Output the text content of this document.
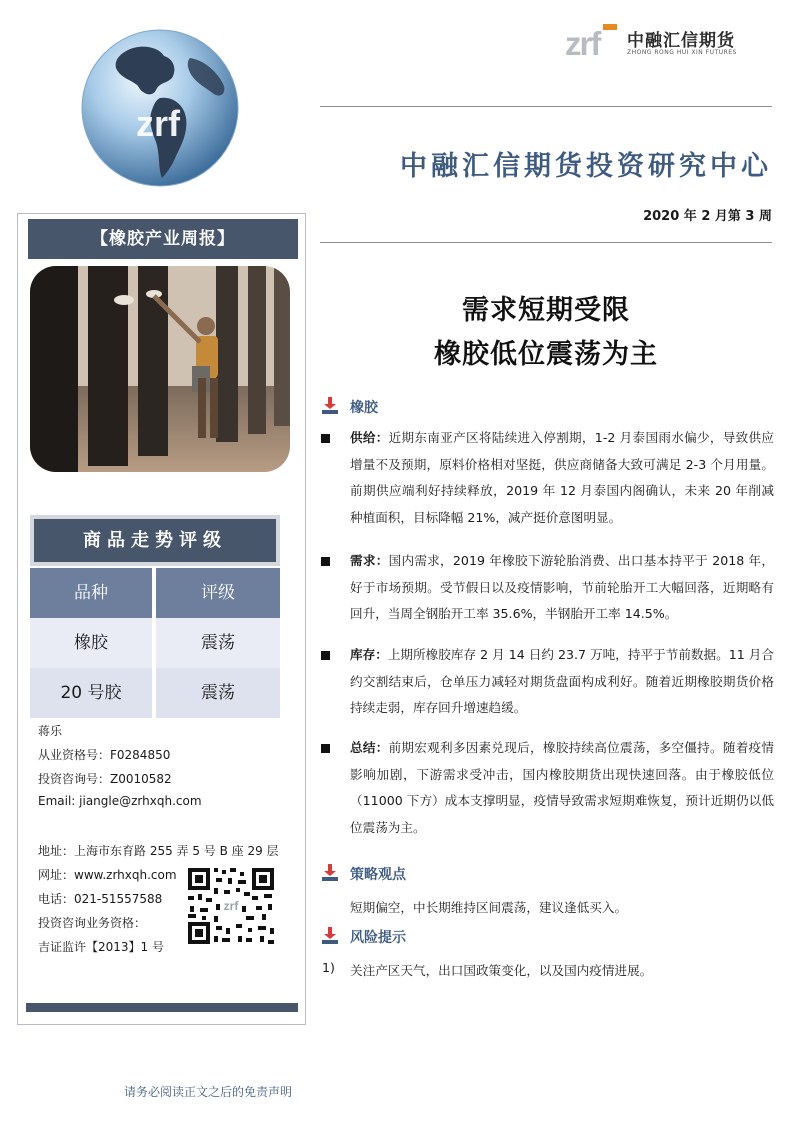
zrf
zrf 中融汇信期货
ZHONG RONG HUI XIN FUTURES
中融汇信期货投资研究中心
2020 年 2 月第 3 周
【橡胶产业周报】
商品走势评级
品种	评级
橡胶	震荡
20 号胶	震荡
蒋乐
从业资格号：F0284850
投资咨询号：Z0010582
Email: jiangle@zrhxqh.com
地址：上海市东育路 255 弄 5 号 B 座 29 层
网址：www.zrhxqh.com
电话：021-51557588
投资咨询业务资格：
吉证监许【2013】1 号
zrf
需求短期受限
橡胶低位震荡为主
橡胶
供给：近期东南亚产区将陆续进入停割期，1-2 月泰国雨水偏少，导致供应增量不及预期，原料价格相对坚挺，供应商储备大致可满足 2-3 个月用量。前期供应端利好持续释放，2019 年 12 月泰国内阁确认，未来 20 年削减种植面积，目标降幅 21%，减产挺价意图明显。
需求：国内需求，2019 年橡胶下游轮胎消费、出口基本持平于 2018 年，好于市场预期。受节假日以及疫情影响，节前轮胎开工大幅回落，近期略有回升，当周全钢胎开工率 35.6%，半钢胎开工率 14.5%。
库存：上期所橡胶库存 2 月 14 日约 23.7 万吨，持平于节前数据。11 月合约交割结束后，仓单压力减轻对期货盘面构成利好。随着近期橡胶期货价格持续走弱，库存回升增速趋缓。
总结：前期宏观利多因素兑现后，橡胶持续高位震荡，多空僵持。随着疫情影响加剧，下游需求受冲击，国内橡胶期货出现快速回落。由于橡胶低位（11000 下方）成本支撑明显，疫情导致需求短期难恢复，预计近期仍以低位震荡为主。
策略观点
短期偏空，中长期维持区间震荡，建议逢低买入。
风险提示
1) 关注产区天气，出口国政策变化，以及国内疫情进展。
请务必阅读正文之后的免责声明
